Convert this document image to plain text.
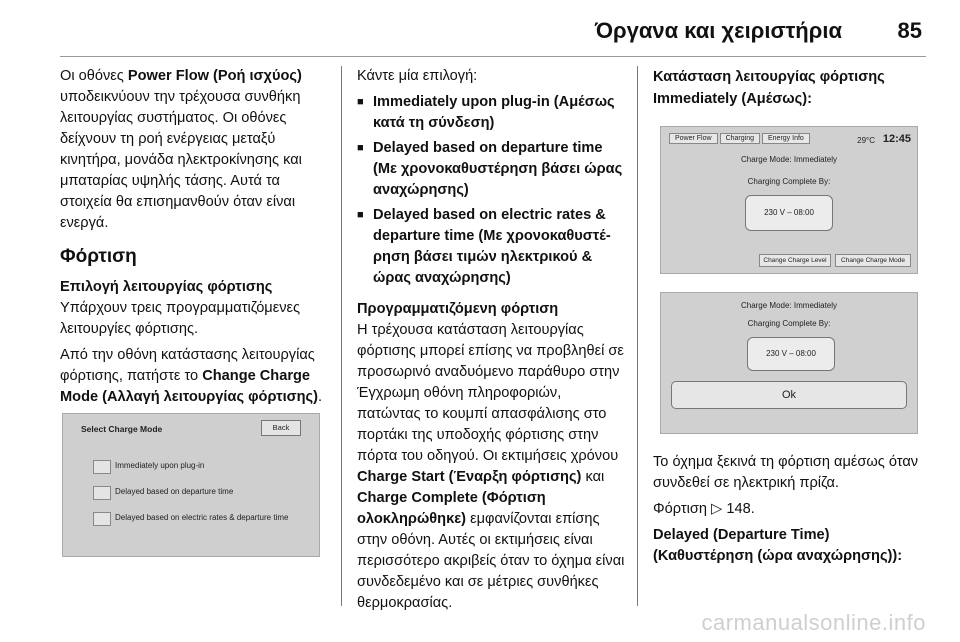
Όργανα και χειριστήρια	85

Οι οθόνες Power Flow (Ροή ισχύος) υποδεικνύουν την τρέχουσα συνθήκη λειτουργίας συστήματος. Οι οθόνες δείχνουν τη ροή ενέργειας μεταξύ κινητήρα, μονάδα ηλεκτροκίνησης και μπαταρίας υψηλής τάσης. Αυτά τα στοιχεία θα επισημανθούν όταν είναι ενεργά.

Φόρτιση
Επιλογή λειτουργίας φόρτισης

Υπάρχουν τρεις προγραμματιζόμενες λειτουργίες φόρτισης.

Από την οθόνη κατάστασης λειτουργίας φόρτισης, πατήστε το Change Charge Mode (Αλλαγή λειτουργίας φόρτισης).

Select Charge Mode	Back
Immediately upon plug-in
Delayed based on departure time
Delayed based on electric rates & departure time

Κάντε μία επιλογή:

■ Immediately upon plug-in (Αμέσως κατά τη σύνδεση)
■ Delayed based on departure time (Με χρονοκαθυστέρηση βάσει ώρας αναχώρησης)
■ Delayed based on electric rates & departure time (Με χρονοκαθυστέρηση βάσει τιμών ηλεκτρικού & ώρας αναχώρησης)
Προγραμματιζόμενη φόρτιση

Η τρέχουσα κατάσταση λειτουργίας φόρτισης μπορεί επίσης να προβληθεί σε προσωρινό αναδυόμενο παράθυρο στην Έγχρωμη οθόνη πληροφοριών, πατώντας το κουμπί απασφάλισης στο πορτάκι της υποδοχής φόρτισης στην πόρτα του οδηγού. Οι εκτιμήσεις χρόνου Charge Start (Έναρξη φόρτισης) και Charge Complete (Φόρτιση ολοκληρώθηκε) εμφανίζονται επίσης στην οθόνη. Αυτές οι εκτιμήσεις είναι περισσότερο ακριβείς όταν το όχημα είναι συνδεδεμένο και σε μέτριες συνθήκες θερμοκρασίας.

Κατάσταση λειτουργίας φόρτισης Immediately (Αμέσως):
Power Flow Charging Energy Info	29°C 12:45
Charge Mode: Immediately
Charging Complete By:
230 V – 08:00
Change Charge Level	Change Charge Mode
Charge Mode: Immediately
Charging Complete By:
230 V – 08:00
Ok

Το όχημα ξεκινά τη φόρτιση αμέσως όταν συνδεθεί σε ηλεκτρική πρίζα.

Φόρτιση ▷ 148.

Delayed (Departure Time) (Καθυστέρηση (ώρα αναχώρησης)):
carmanualsonline.info
